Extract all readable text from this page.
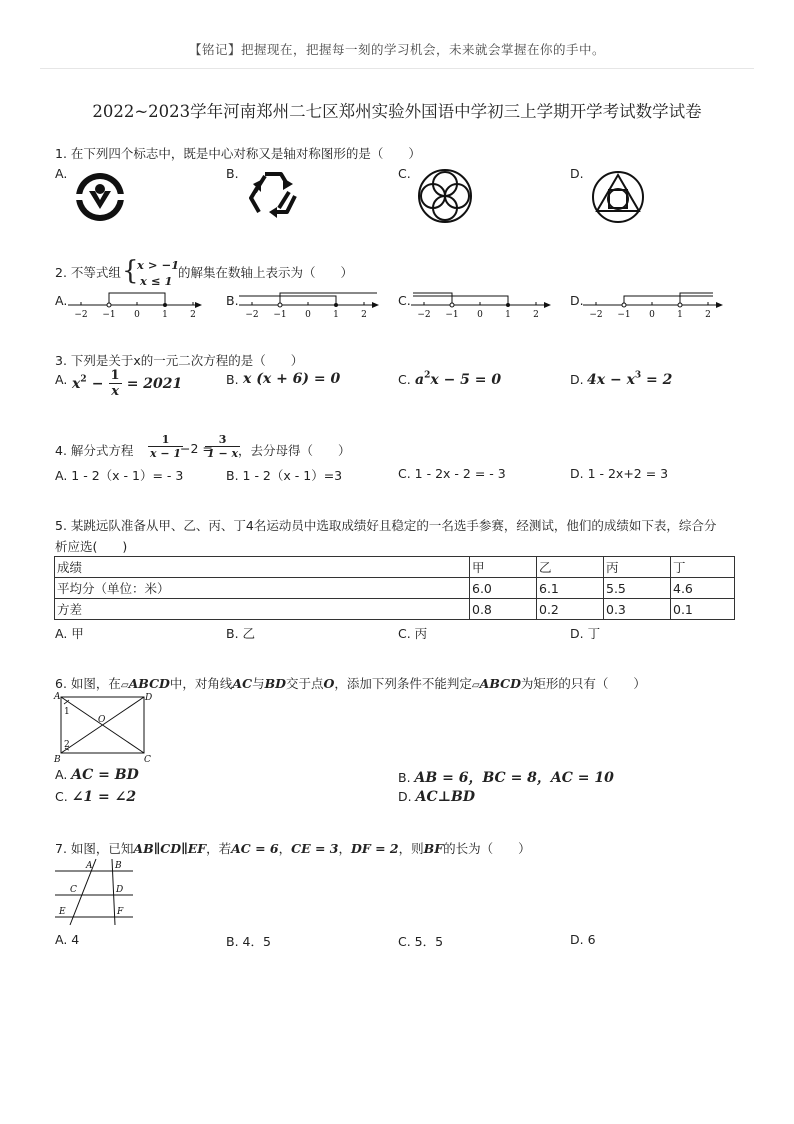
【铭记】把握现在，把握每一刻的学习机会，未来就会掌握在你的手中。
2022~2023学年河南郑州二七区郑州实验外国语中学初三上学期开学考试数学试卷
1. 在下列四个标志中，既是中心对称又是轴对称图形的是（　　）
A.	B.	C.	D.
2. 不等式组 {
x > −1
x ≤ 1
的解集在数轴上表示为（　　）
A.	B.	C.	D.
−2 −1 0 1 2	−2 −1 0 1 2	−2 −1 0 1 2	−2 −1 0 1 2
3. 下列是关于x的一元二次方程的是（　　）
A. $x^2 - \frac{1}{x} = 2021$	B. x (x + 6) = 0	C. $a^2x - 5 = 0$	D. $4x - x^3 = 2$
4. 解分式方程 $\frac{1}{x - 1}$
−2 =
$\frac{3}{1 - x}$
，去分母得（　　）
A. 1 - 2（x - 1）= - 3	B. 1 - 2（x - 1）=3	C. 1 - 2x - 2 = - 3	D. 1 - 2x+2 = 3
5. 某跳远队准备从甲、乙、丙、丁4名运动员中选取成绩好且稳定的一名选手参赛，经测试，他们的成绩如下表，综合分
析应选(　　)
成绩	甲	乙	丙	丁
平均分（单位：米）	6.0	6.1	5.5	4.6
方差	0.8	0.2	0.3	0.1
A. 甲	B. 乙	C. 丙	D. 丁
6. 如图，在▱ABCD中，对角线AC与BD交于点O，添加下列条件不能判定▱ABCD为矩形的只有（　　）
A	D
B	C
O
1
2
A. AC = BD	B. AB = 6，BC = 8，AC = 10
C. ∠1 = ∠2	D. AC⊥BD
7. 如图，已知AB∥CD∥EF，若AC = 6，CE = 3，DF = 2，则BF的长为（　　）
A	B
C	D
E	F
A. 4	B. 4．5	C. 5．5	D. 6
